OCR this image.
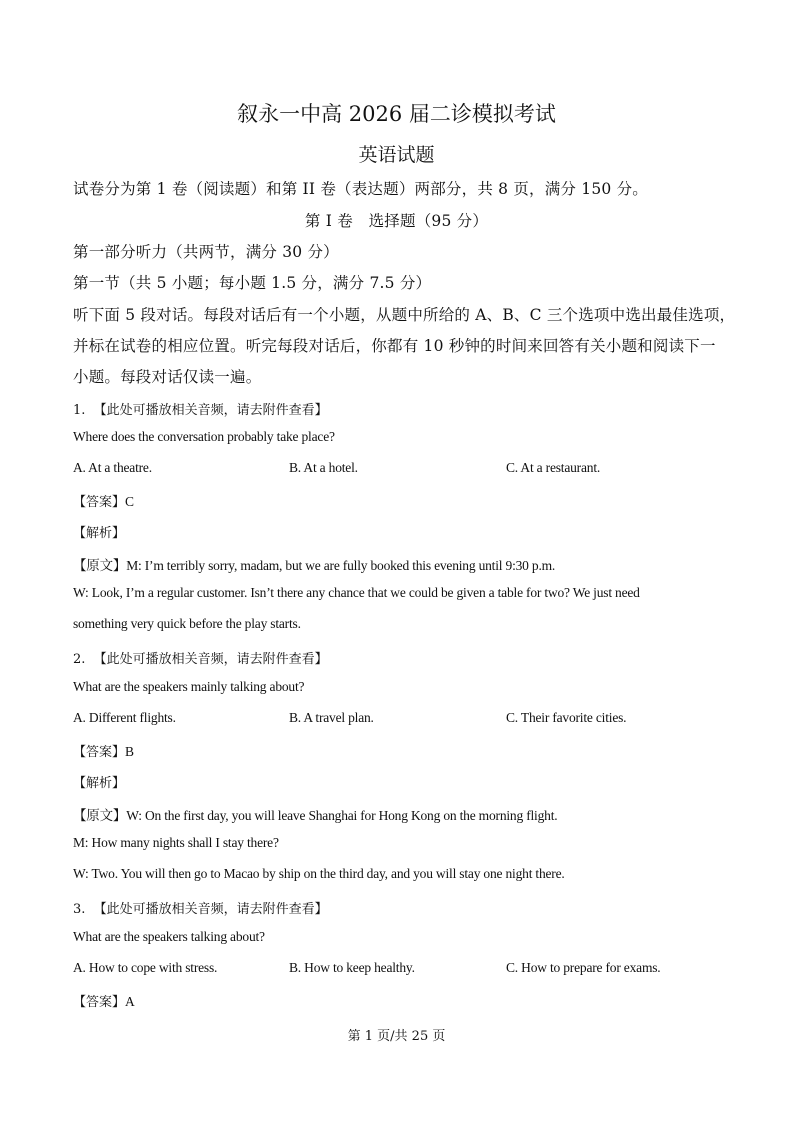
叙永一中高 2026 届二诊模拟考试
英语试题
试卷分为第 1 卷（阅读题）和第 II 卷（表达题）两部分，共 8 页，满分 150 分。
第 I 卷　选择题（95 分）
第一部分听力（共两节，满分 30 分）
第一节（共 5 小题；每小题 1.5 分，满分 7.5 分）
听下面 5 段对话。每段对话后有一个小题，从题中所给的 A、B、C 三个选项中选出最佳选项，
并标在试卷的相应位置。听完每段对话后，你都有 10 秒钟的时间来回答有关小题和阅读下一
小题。每段对话仅读一遍。
1. 【此处可播放相关音频，请去附件查看】
Where does the conversation probably take place?
A. At a theatre.	B. At a hotel.	C. At a restaurant.
【答案】C
【解析】
【原文】M: I’m terribly sorry, madam, but we are fully booked this evening until 9:30 p.m.
W: Look, I’m a regular customer. Isn’t there any chance that we could be given a table for two? We just need
something very quick before the play starts.
2. 【此处可播放相关音频，请去附件查看】
What are the speakers mainly talking about?
A. Different flights.	B. A travel plan.	C. Their favorite cities.
【答案】B
【解析】
【原文】W: On the first day, you will leave Shanghai for Hong Kong on the morning flight.
M: How many nights shall I stay there?
W: Two. You will then go to Macao by ship on the third day, and you will stay one night there.
3. 【此处可播放相关音频，请去附件查看】
What are the speakers talking about?
A. How to cope with stress.	B. How to keep healthy.	C. How to prepare for exams.
【答案】A
第 1 页/共 25 页
